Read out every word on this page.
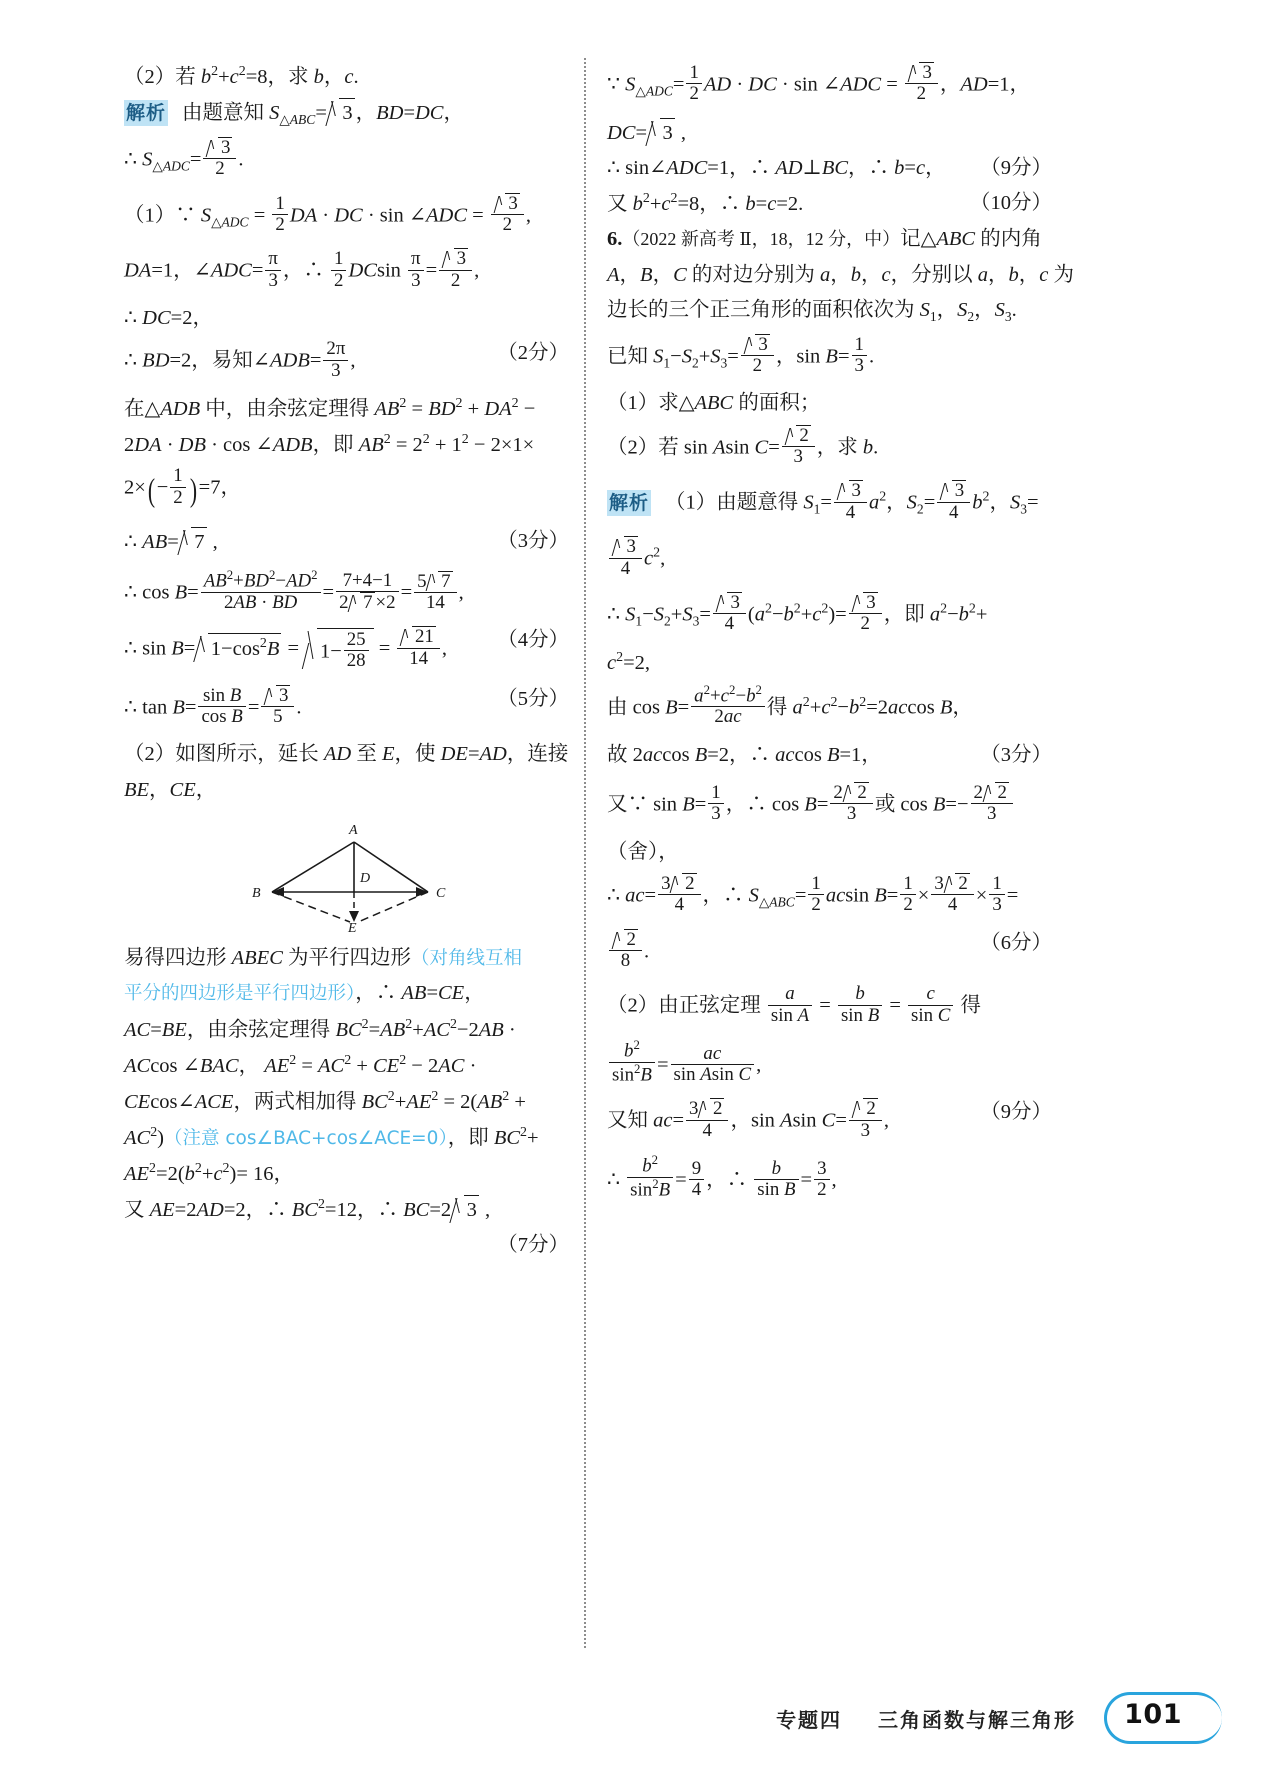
（2）若 $b^2+c^2=8$，求 b，c.
解析 由题意知 $S_{\triangle ABC}= 3$ ，BD=DC，
∴ $S_{\triangle ADC}= \frac{3}{2}$ .
（1）∵ $S_{\triangle ADC} = \frac{1}{2}$ DA · DC · sin ∠ADC = $\frac{3}{2}$ ,
DA=1，∠ADC= $\frac{\pi}{3}$ ，∴ $\frac{1}{2}$ DCsin $\frac{\pi}{3} = \frac{3}{2}$ ,
∴ DC=2，
∴ BD=2，易知∠ADB= $\frac{2\pi}{3}$ ,	（2分）
在△ADB 中，由余弦定理得 $AB^2 = BD^2 + DA^2$ −
2DA · DB · cos ∠ADB，即 $AB^2 = 2^2 + 1^2 - 2\times 1\times$
$2\times(- \frac{1}{2} )=7$，
∴ AB= 7 ,	（3分）
∴ $\cos B= \frac{AB^2+BD^2-AD^2}{2AB \cdot BD} = \frac{7+4-1}{2 7 \times 2} = \frac{5 7}{14}$ ,
∴ $\sin B= 1-\cos^2B = 1- \frac{25}{28} = \frac{21}{14}$ , （4分）
∴ $\tan B= \frac{\text{sin B}}{\text{cos B}} = \frac{3}{5}$ .	（5分）
（2）如图所示，延长 AD 至 E，使 DE=AD，连接
BE，CE，
A
B	C
D
E
易得四边形 ABEC 为平行四边形（对角线互相
平分的四边形是平行四边形），∴ AB=CE，
AC=BE，由余弦定理得 $BC^2=AB^2+AC^2-2AB$ ·
ACcos ∠BAC， $AE^2 = AC^2 + CE^2 - 2AC$ ·
CEcos∠ACE，两式相加得 $BC^2+AE^2 = 2(AB^2$ +
$AC^2$)（注意 cos∠BAC+cos∠ACE=0），即 $BC^2+$
$AE^2=2(b^2+c^2)= 16$，
又 AE=2AD=2，∴ $BC^2=12$，∴ BC=2 3 ,
（7分）

∵ $S_{\triangle ADC}= \frac{1}{2}$ AD · DC · sin ∠ADC = $\frac{3}{2}$ ，AD=1，
DC= 3 ,
∴ sin∠ADC=1，∴ AD⊥BC，∴ b=c， （9分）
又 $b^2+c^2=8$，∴ b=c=2.	（10分）
6.（2022 新高考 Ⅱ，18，12 分，中）记△ABC 的内角
A，B，C 的对边分别为 a，b，c，分别以 a，b，c 为
边长的三个正三角形的面积依次为 $S_1$，$S_2$，$S_3$.
已知 $S_1-S_2+S_3= \frac{3}{2}$ ，$\sin B= \frac{1}{3}$ .
（1）求△ABC 的面积；
（2）若 sin Asin $C= \frac{2}{3}$ ，求 b.
解析 （1）由题意得 $S_1= \frac{3}{4} a^2$，$S_2= \frac{3}{4} b^2$，$S_3=$
$\frac{3}{4} c^2$,
∴ $S_1-S_2+S_3= \frac{3}{4} (a^2-b^2+c^2)= \frac{3}{2}$ ，即 $a^2-b^2+$
$c^2=2$,
由 $\cos B= \frac{a^2+c^2-b^2}{2ac}$ 得 $a^2+c^2-b^2=2accos$ B，
故 2accos B=2，∴ accos B=1，	（3分）
又∵ $\sin B= \frac{1}{3}$ ，∴ $\cos B= \frac{2 2}{3}$ 或 $\cos B=- \frac{2 2}{3}$
（舍），
∴ $ac= \frac{3 2}{4}$ ，∴ $S_{\triangle ABC}= \frac{1}{2}$ acsin $B= \frac{1}{2} \times \frac{3 2}{4} \times \frac{1}{3}$ =
$\frac{2}{8}$ .	（6分）
（2）由正弦定理 $\frac{a}{\text{sin A}} = \frac{b}{\text{sin B}} = \frac{c}{\text{sin C}}$ 得
$\frac{b^2}{\sin^2B} = \frac{ac}{\text{sin Asin C}}$ ,
又知 $ac= \frac{3 2}{4}$ ，sin Asin $C= \frac{2}{3}$ ,	（9分）
∴ $\frac{b^2}{\sin^2B} = \frac{9}{4}$ ，∴ $\frac{b}{\text{sin B}} = \frac{3}{2}$ ,
专题四 三角函数与解三角形 101
